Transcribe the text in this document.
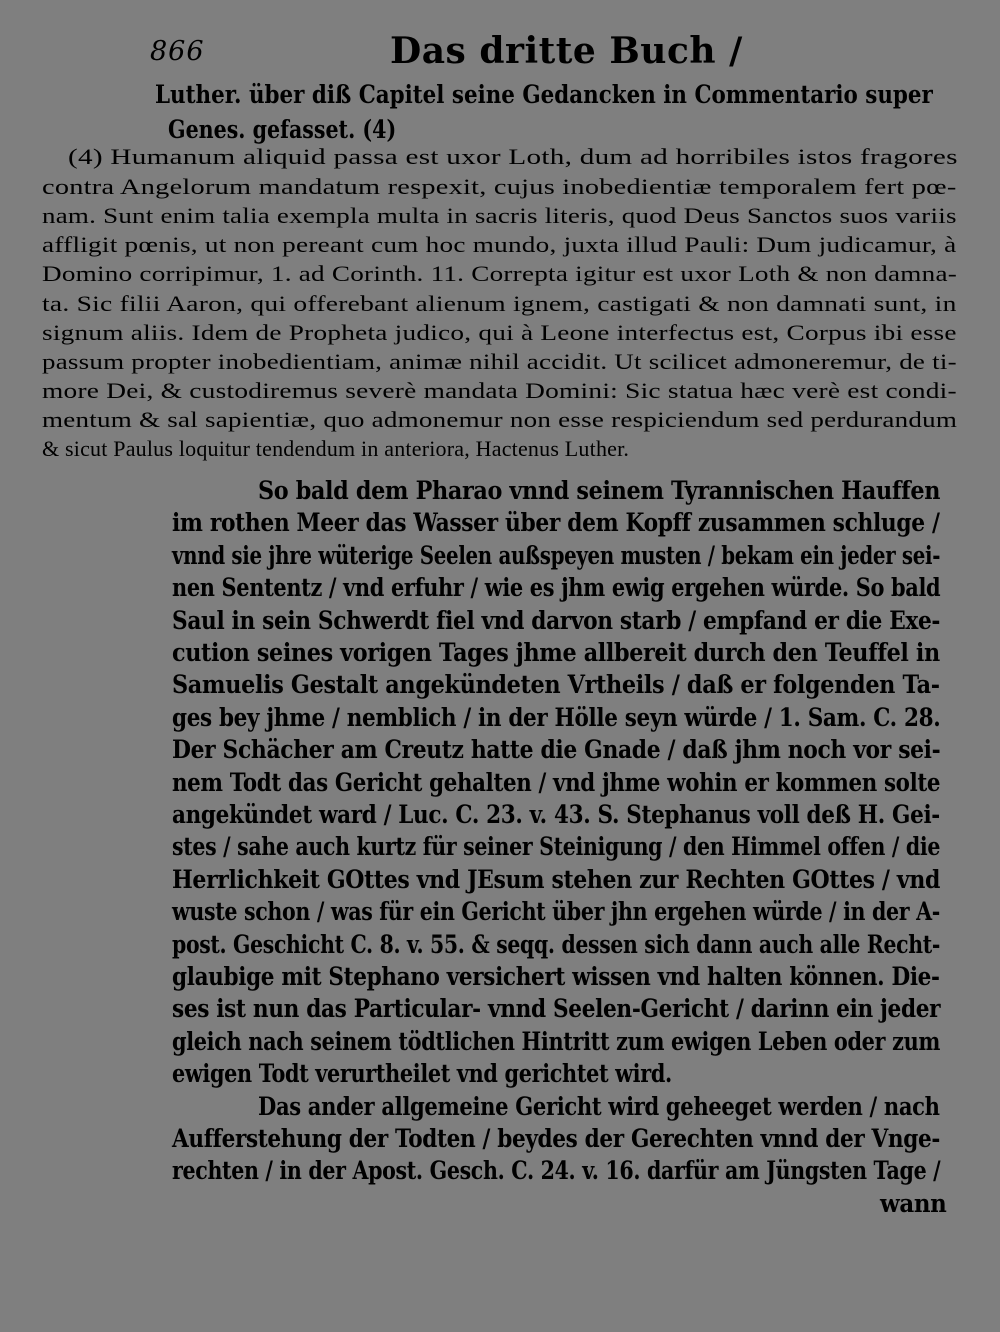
866	Das dritte Buch /

Luther. über diß Capitel seine Gedancken in Commentario super

Genes. gefasset. (4)

(4) Humanum aliquid passa est uxor Loth, dum ad horribiles istos fragores

contra Angelorum mandatum respexit, cujus inobedientiæ temporalem fert pœ-

nam. Sunt enim talia exempla multa in sacris literis, quod Deus Sanctos suos variis

affligit pœnis, ut non pereant cum hoc mundo, juxta illud Pauli: Dum judicamur, à

Domino corripimur, 1. ad Corinth. 11. Correpta igitur est uxor Loth & non damna-

ta. Sic filii Aaron, qui offerebant alienum ignem, castigati & non damnati sunt, in

signum aliis. Idem de Propheta judico, qui à Leone interfectus est, Corpus ibi esse

passum propter inobedientiam, animæ nihil accidit. Ut scilicet admoneremur, de ti-

more Dei, & custodiremus severè mandata Domini: Sic statua hæc verè est condi-

mentum & sal sapientiæ, quo admonemur non esse respiciendum sed perdurandum

& sicut Paulus loquitur tendendum in anteriora, Hactenus Luther.

So bald dem Pharao vnnd seinem Tyrannischen Hauffen

im rothen Meer das Wasser über dem Kopff zusammen schluge /

vnnd sie jhre wüterige Seelen außspeyen musten / bekam ein jeder sei-

nen Sententz / vnd erfuhr / wie es jhm ewig ergehen würde. So bald

Saul in sein Schwerdt fiel vnd darvon starb / empfand er die Exe-

cution seines vorigen Tages jhme allbereit durch den Teuffel in

Samuelis Gestalt angekündeten Vrtheils / daß er folgenden Ta-

ges bey jhme / nemblich / in der Hölle seyn würde / 1. Sam. C. 28.

Der Schächer am Creutz hatte die Gnade / daß jhm noch vor sei-

nem Todt das Gericht gehalten / vnd jhme wohin er kommen solte

angekündet ward / Luc. C. 23. v. 43. S. Stephanus voll deß H. Gei-

stes / sahe auch kurtz für seiner Steinigung / den Himmel offen / die

Herrlichkeit GOttes vnd JEsum stehen zur Rechten GOttes / vnd

wuste schon / was für ein Gericht über jhn ergehen würde / in der A-

post. Geschicht C. 8. v. 55. & seqq. dessen sich dann auch alle Recht-

glaubige mit Stephano versichert wissen vnd halten können. Die-

ses ist nun das Particular- vnnd Seelen-Gericht / darinn ein jeder

gleich nach seinem tödtlichen Hintritt zum ewigen Leben oder zum

ewigen Todt verurtheilet vnd gerichtet wird.

Das ander allgemeine Gericht wird geheeget werden / nach

Aufferstehung der Todten / beydes der Gerechten vnnd der Vnge-

rechten / in der Apost. Gesch. C. 24. v. 16. darfür am Jüngsten Tage /

wann
